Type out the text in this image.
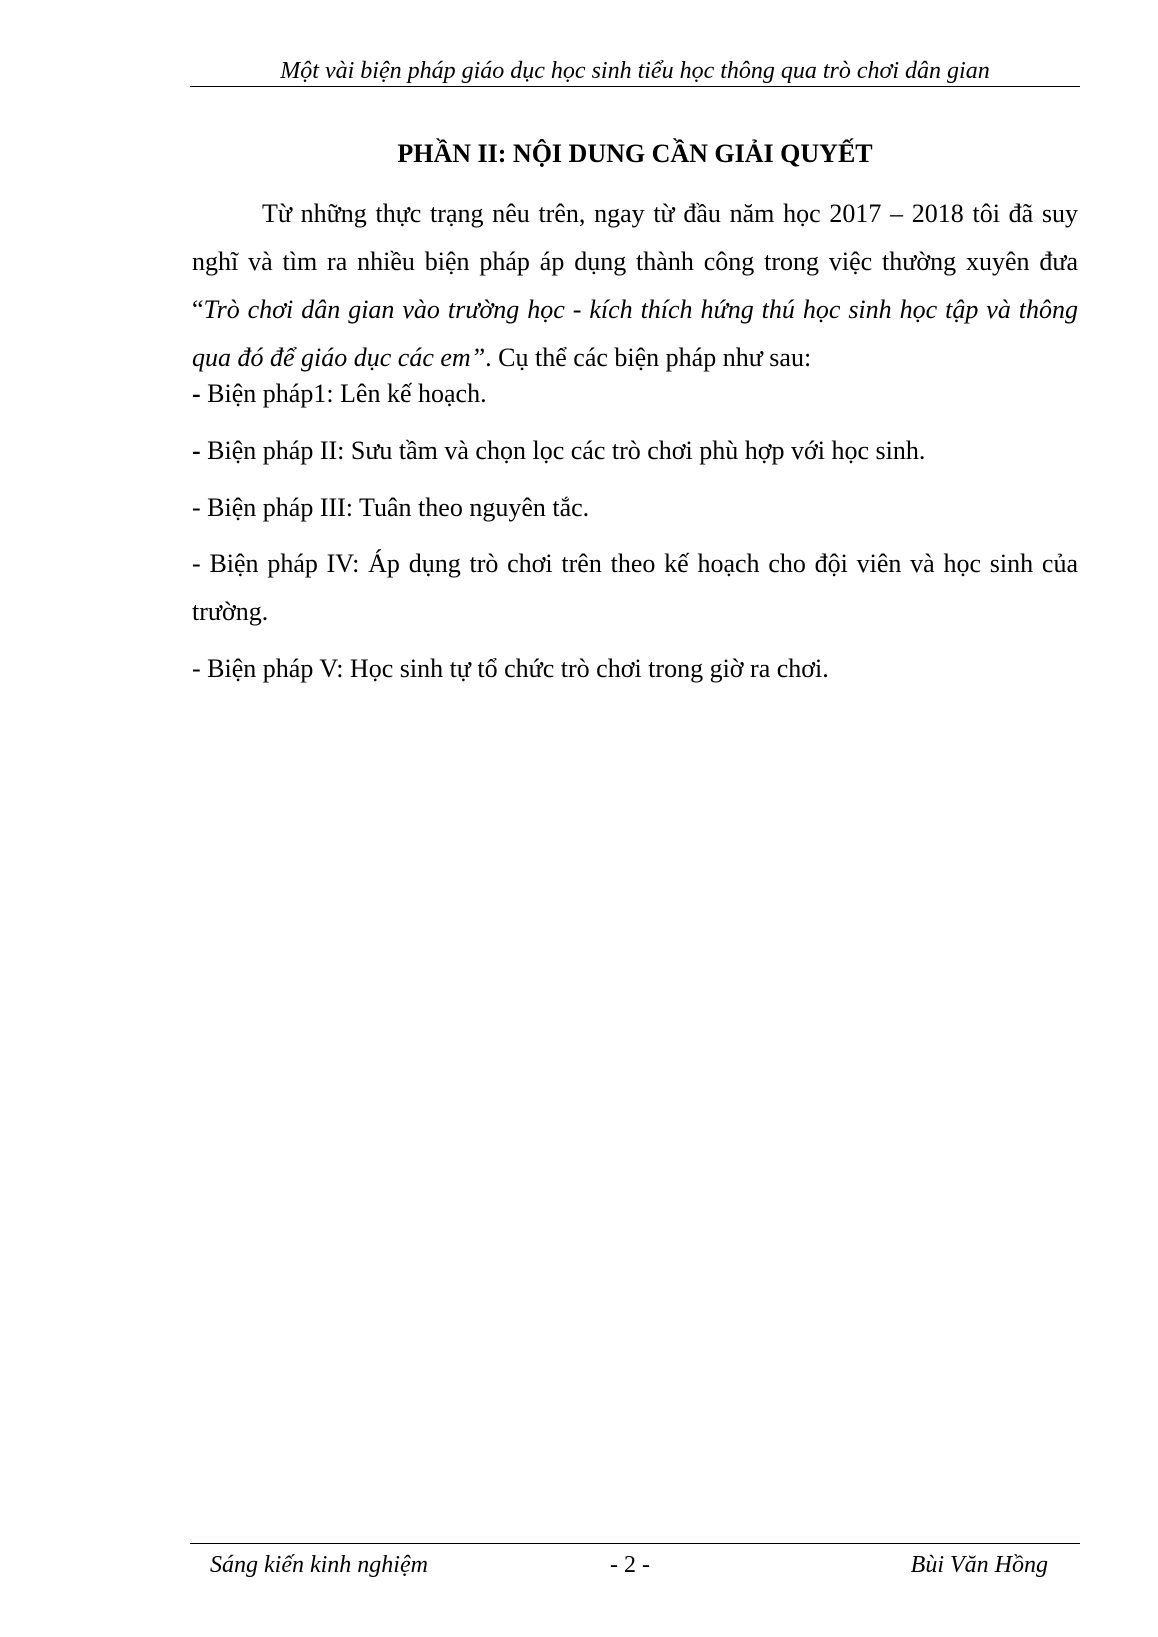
Một vài biện pháp giáo dục học sinh tiểu học thông qua trò chơi dân gian
PHẦN II: NỘI DUNG CẦN GIẢI QUYẾT

Từ những thực trạng nêu trên, ngay từ đầu năm học 2017 – 2018 tôi đã suy nghĩ và tìm ra nhiều biện pháp áp dụng thành công trong việc thường xuyên đưa “Trò chơi dân gian vào trường học - kích thích hứng thú học sinh học tập và thông qua đó để giáo dục các em”. Cụ thể các biện pháp như sau:

- Biện pháp1: Lên kế hoạch.

- Biện pháp II: Sưu tầm và chọn lọc các trò chơi phù hợp với học sinh.

- Biện pháp III: Tuân theo nguyên tắc.

- Biện pháp IV: Áp dụng trò chơi trên theo kế hoạch cho đội viên và học sinh của trường.

- Biện pháp V: Học sinh tự tổ chức trò chơi trong giờ ra chơi.

Sáng kiến kinh nghiệm	- 2 -	Bùi Văn Hồng
